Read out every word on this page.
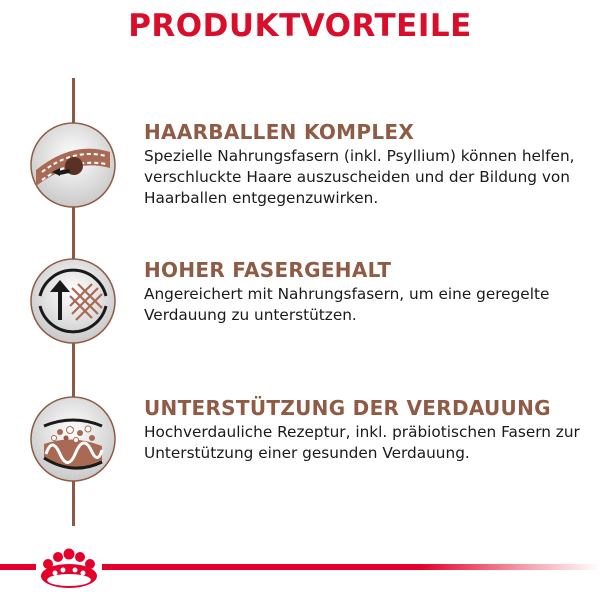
PRODUKTVORTEILE
HAARBALLEN KOMPLEX
Spezielle Nahrungsfasern (inkl. Psyllium) können helfen, verschluckte Haare auszuscheiden und der Bildung von Haarballen entgegenzuwirken.
HOHER FASERGEHALT
Angereichert mit Nahrungsfasern, um eine geregelte Verdauung zu unterstützen.
UNTERSTÜTZUNG DER VERDAUUNG
Hochverdauliche Rezeptur, inkl. präbiotischen Fasern zur Unterstützung einer gesunden Verdauung.
